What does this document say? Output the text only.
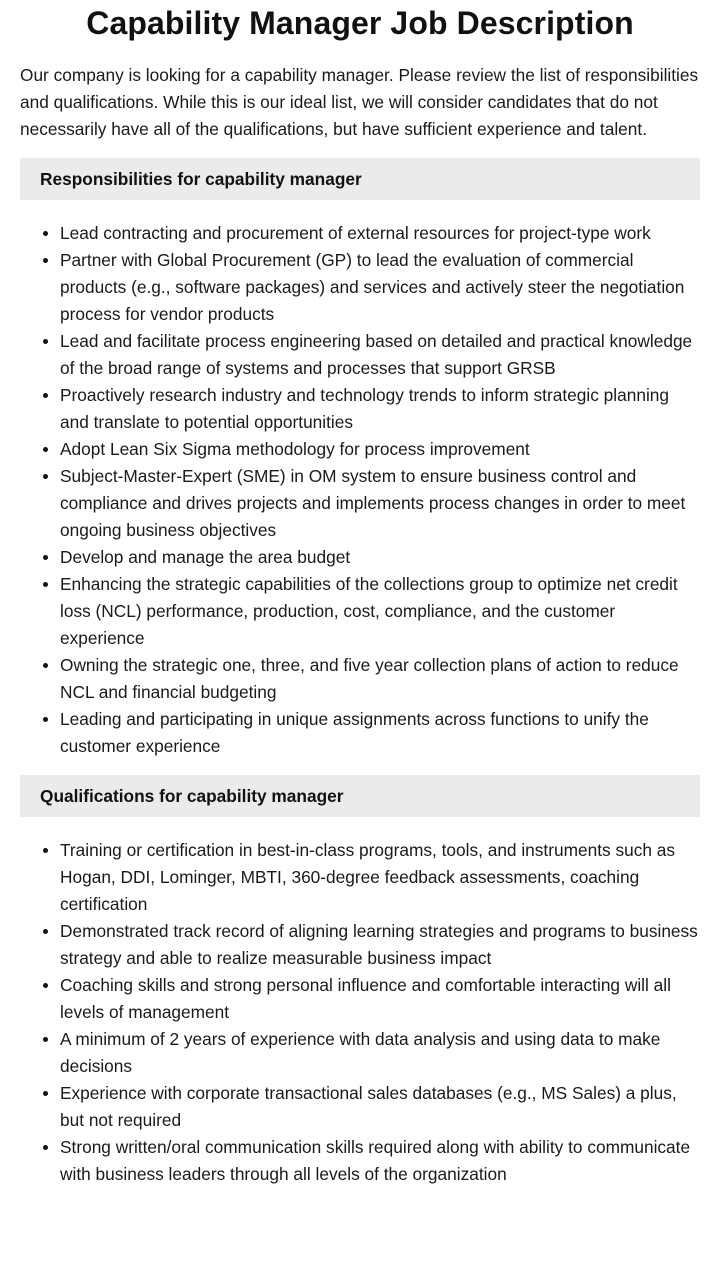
Capability Manager Job Description

Our company is looking for a capability manager. Please review the list of responsibilities and qualifications. While this is our ideal list, we will consider candidates that do not necessarily have all of the qualifications, but have sufficient experience and talent.

Responsibilities for capability manager
Lead contracting and procurement of external resources for project-type work
Partner with Global Procurement (GP) to lead the evaluation of commercial products (e.g., software packages) and services and actively steer the negotiation process for vendor products
Lead and facilitate process engineering based on detailed and practical knowledge of the broad range of systems and processes that support GRSB
Proactively research industry and technology trends to inform strategic planning and translate to potential opportunities
Adopt Lean Six Sigma methodology for process improvement
Subject-Master-Expert (SME) in OM system to ensure business control and compliance and drives projects and implements process changes in order to meet ongoing business objectives
Develop and manage the area budget
Enhancing the strategic capabilities of the collections group to optimize net credit loss (NCL) performance, production, cost, compliance, and the customer experience
Owning the strategic one, three, and five year collection plans of action to reduce NCL and financial budgeting
Leading and participating in unique assignments across functions to unify the customer experience
Qualifications for capability manager
Training or certification in best-in-class programs, tools, and instruments such as Hogan, DDI, Lominger, MBTI, 360-degree feedback assessments, coaching certification
Demonstrated track record of aligning learning strategies and programs to business strategy and able to realize measurable business impact
Coaching skills and strong personal influence and comfortable interacting will all levels of management
A minimum of 2 years of experience with data analysis and using data to make decisions
Experience with corporate transactional sales databases (e.g., MS Sales) a plus, but not required
Strong written/oral communication skills required along with ability to communicate with business leaders through all levels of the organization
